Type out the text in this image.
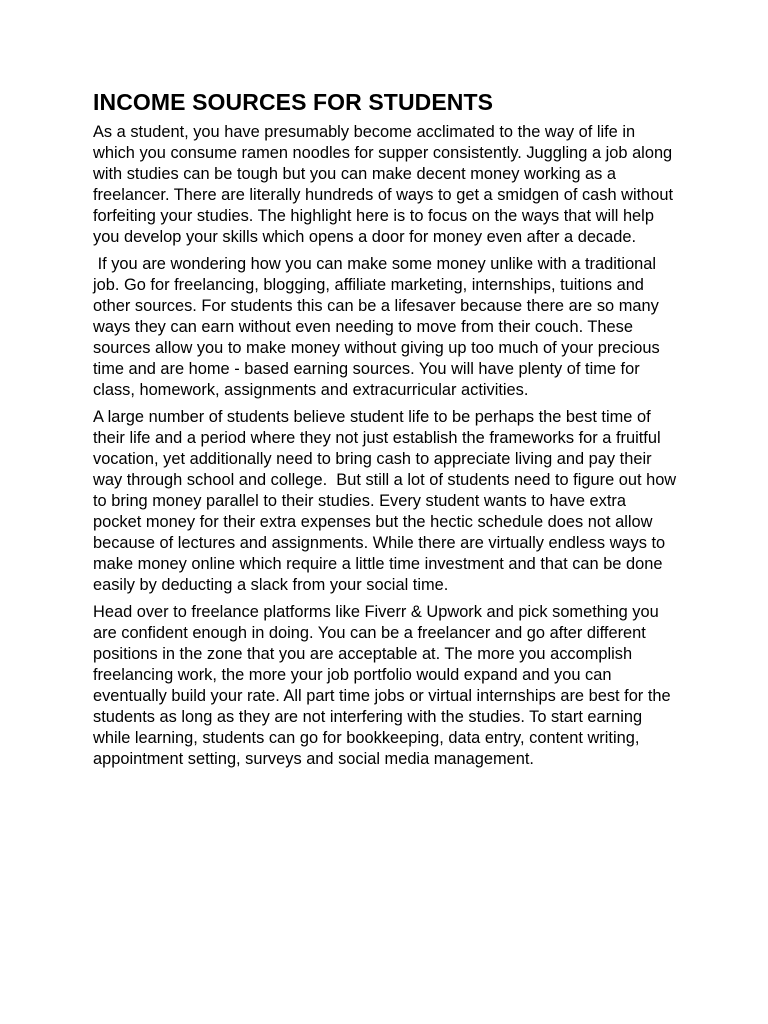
INCOME SOURCES FOR STUDENTS

As a student, you have presumably become acclimated to the way of life in which you consume ramen noodles for supper consistently. Juggling a job along with studies can be tough but you can make decent money working as a freelancer. There are literally hundreds of ways to get a smidgen of cash without forfeiting your studies. The highlight here is to focus on the ways that will help you develop your skills which opens a door for money even after a decade.

If you are wondering how you can make some money unlike with a traditional job. Go for freelancing, blogging, affiliate marketing, internships, tuitions and other sources. For students this can be a lifesaver because there are so many ways they can earn without even needing to move from their couch. These sources allow you to make money without giving up too much of your precious time and are home - based earning sources. You will have plenty of time for class, homework, assignments and extracurricular activities.

A large number of students believe student life to be perhaps the best time of their life and a period where they not just establish the frameworks for a fruitful vocation, yet additionally need to bring cash to appreciate living and pay their way through school and college.  But still a lot of students need to figure out how to bring money parallel to their studies. Every student wants to have extra pocket money for their extra expenses but the hectic schedule does not allow because of lectures and assignments. While there are virtually endless ways to make money online which require a little time investment and that can be done easily by deducting a slack from your social time.

Head over to freelance platforms like Fiverr & Upwork and pick something you are confident enough in doing. You can be a freelancer and go after different positions in the zone that you are acceptable at. The more you accomplish freelancing work, the more your job portfolio would expand and you can eventually build your rate. All part time jobs or virtual internships are best for the students as long as they are not interfering with the studies. To start earning while learning, students can go for bookkeeping, data entry, content writing, appointment setting, surveys and social media management.
